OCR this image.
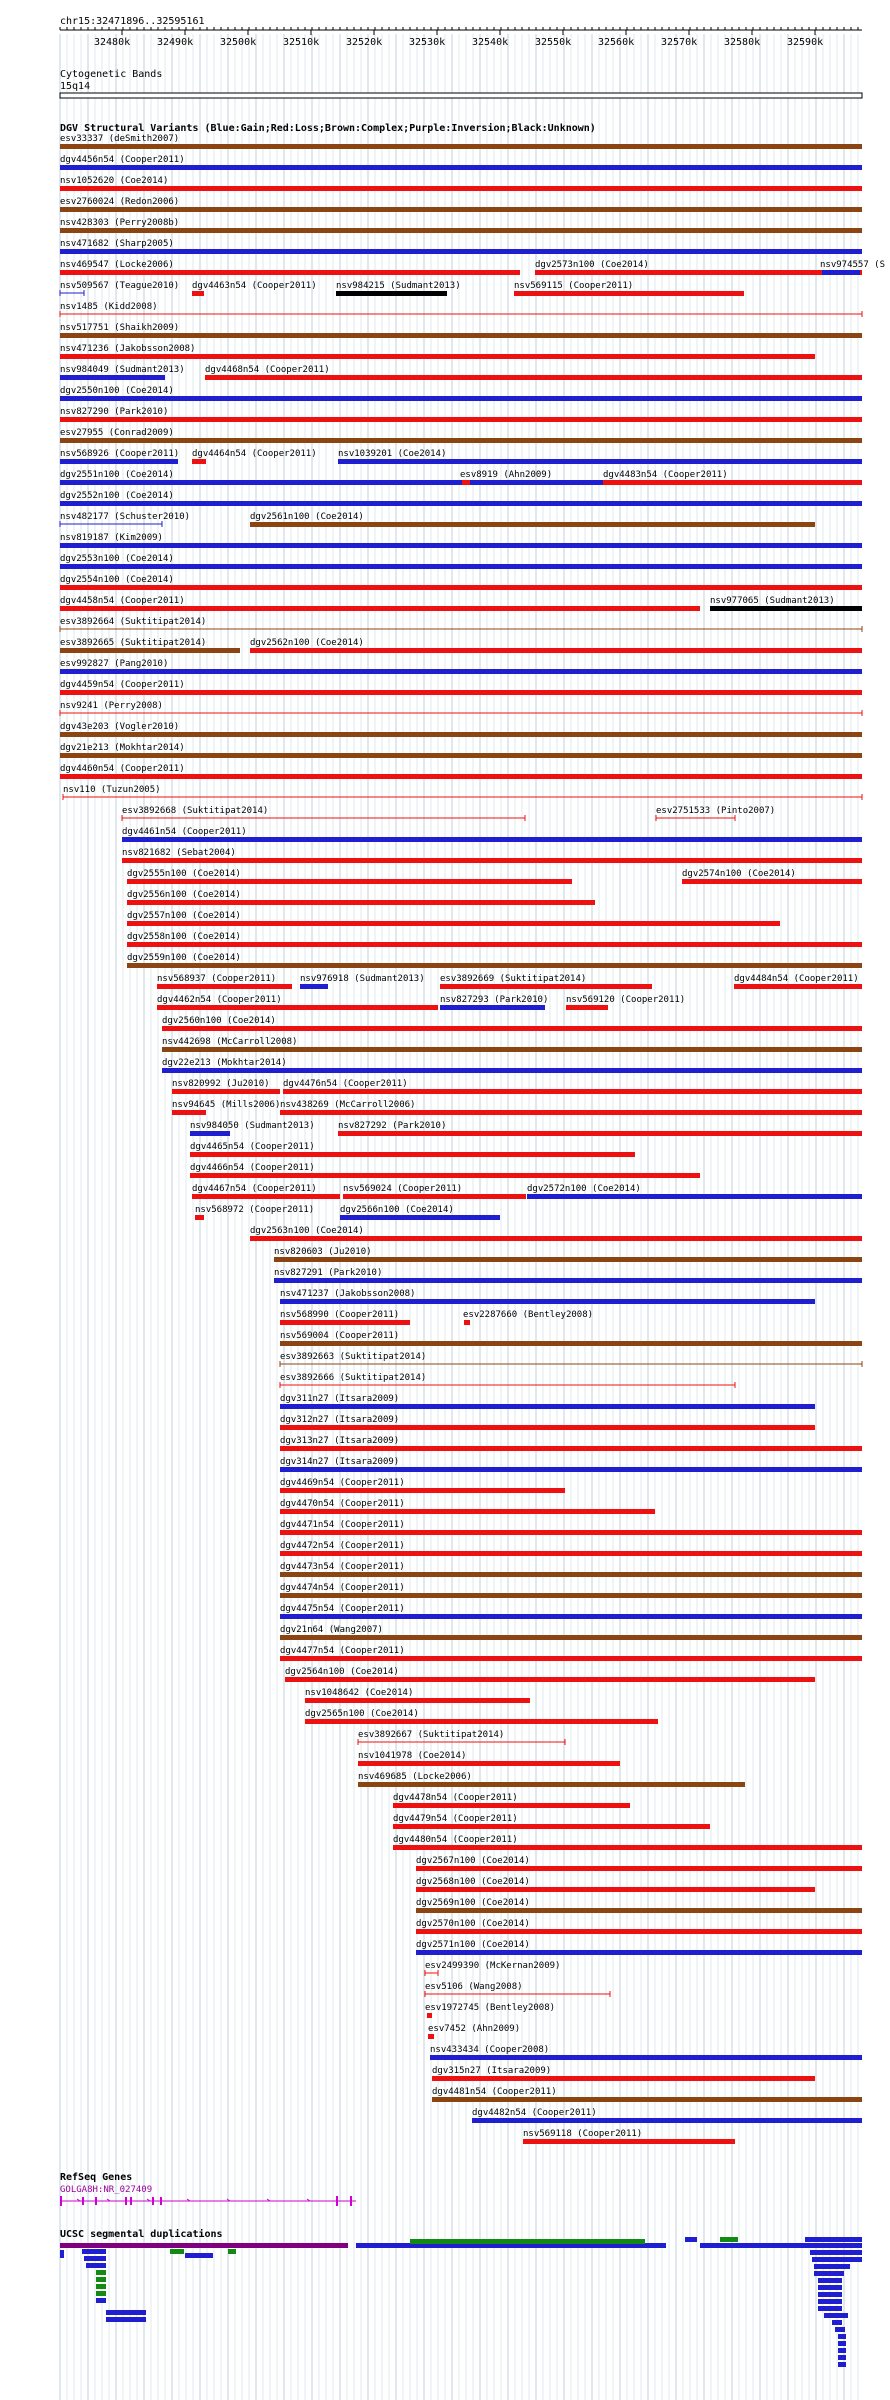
chr15:32471896..32595161
32480k	32490k	32500k	32510k	32520k	32530k	32540k	32550k	32560k	32570k	32580k	32590k
Cytogenetic Bands
15q14
DGV Structural Variants (Blue:Gain;Red:Loss;Brown:Complex;Purple:Inversion;Black:Unknown)
esv33337 (deSmith2007)
dgv4456n54 (Cooper2011)
nsv1052620 (Coe2014)
esv2760024 (Redon2006)
nsv428303 (Perry2008b)
nsv471682 (Sharp2005)
nsv469547 (Locke2006)	dgv2573n100 (Coe2014)	nsv974557 (S
nsv509567 (Teague2010) dgv4463n54 (Cooper2011) nsv984215 (Sudmant2013)	nsv569115 (Cooper2011)
nsv1485 (Kidd2008)
nsv517751 (Shaikh2009)
nsv471236 (Jakobsson2008)
nsv984049 (Sudmant2013) dgv4468n54 (Cooper2011)
dgv2550n100 (Coe2014)
nsv827290 (Park2010)
esv27955 (Conrad2009)
nsv568926 (Cooper2011) dgv4464n54 (Cooper2011) nsv1039201 (Coe2014)
dgv2551n100 (Coe2014)	esv8919 (Ahn2009)	dgv4483n54 (Cooper2011)
dgv2552n100 (Coe2014)
nsv482177 (Schuster2010)	dgv2561n100 (Coe2014)
nsv819187 (Kim2009)
dgv2553n100 (Coe2014)
dgv2554n100 (Coe2014)
dgv4458n54 (Cooper2011)	nsv977065 (Sudmant2013)
esv3892664 (Suktitipat2014)
esv3892665 (Suktitipat2014)	dgv2562n100 (Coe2014)
esv992827 (Pang2010)
dgv4459n54 (Cooper2011)
nsv9241 (Perry2008)
dgv43e203 (Vogler2010)
dgv21e213 (Mokhtar2014)
dgv4460n54 (Cooper2011)
nsv110 (Tuzun2005)
esv3892668 (Suktitipat2014)	esv2751533 (Pinto2007)
dgv4461n54 (Cooper2011)
nsv821682 (Sebat2004)
dgv2555n100 (Coe2014)	dgv2574n100 (Coe2014)
dgv2556n100 (Coe2014)
dgv2557n100 (Coe2014)
dgv2558n100 (Coe2014)
dgv2559n100 (Coe2014)
nsv568937 (Cooper2011)	nsv976918 (Sudmant2013) esv3892669 (Suktitipat2014)	dgv4484n54 (Cooper2011)
dgv4462n54 (Cooper2011)	nsv827293 (Park2010) nsv569120 (Cooper2011)
dgv2560n100 (Coe2014)
nsv442698 (McCarroll2008)
dgv22e213 (Mokhtar2014)
nsv820992 (Ju2010) dgv4476n54 (Cooper2011)
nsv94645 (Mills2006) nsv438269 (McCarroll2006)
nsv984050 (Sudmant2013)	nsv827292 (Park2010)
dgv4465n54 (Cooper2011)
dgv4466n54 (Cooper2011)
dgv4467n54 (Cooper2011)	nsv569024 (Cooper2011)	dgv2572n100 (Coe2014)
nsv568972 (Cooper2011)	dgv2566n100 (Coe2014)
dgv2563n100 (Coe2014)
nsv820603 (Ju2010)
nsv827291 (Park2010)
nsv471237 (Jakobsson2008)
nsv568990 (Cooper2011)	esv2287660 (Bentley2008)
nsv569004 (Cooper2011)
esv3892663 (Suktitipat2014)
esv3892666 (Suktitipat2014)
dgv311n27 (Itsara2009)
dgv312n27 (Itsara2009)
dgv313n27 (Itsara2009)
dgv314n27 (Itsara2009)
dgv4469n54 (Cooper2011)
dgv4470n54 (Cooper2011)
dgv4471n54 (Cooper2011)
dgv4472n54 (Cooper2011)
dgv4473n54 (Cooper2011)
dgv4474n54 (Cooper2011)
dgv4475n54 (Cooper2011)
dgv21n64 (Wang2007)
dgv4477n54 (Cooper2011)
dgv2564n100 (Coe2014)
nsv1048642 (Coe2014)
dgv2565n100 (Coe2014)
esv3892667 (Suktitipat2014)
nsv1041978 (Coe2014)
nsv469685 (Locke2006)
dgv4478n54 (Cooper2011)
dgv4479n54 (Cooper2011)
dgv4480n54 (Cooper2011)
dgv2567n100 (Coe2014)
dgv2568n100 (Coe2014)
dgv2569n100 (Coe2014)
dgv2570n100 (Coe2014)
dgv2571n100 (Coe2014)
esv2499390 (McKernan2009)
esv5106 (Wang2008)
esv1972745 (Bentley2008)
esv7452 (Ahn2009)
nsv433434 (Cooper2008)
dgv315n27 (Itsara2009)
dgv4481n54 (Cooper2011)
dgv4482n54 (Cooper2011)
nsv569118 (Cooper2011)
RefSeq Genes
GOLGA8H:NR_027409
UCSC segmental duplications
